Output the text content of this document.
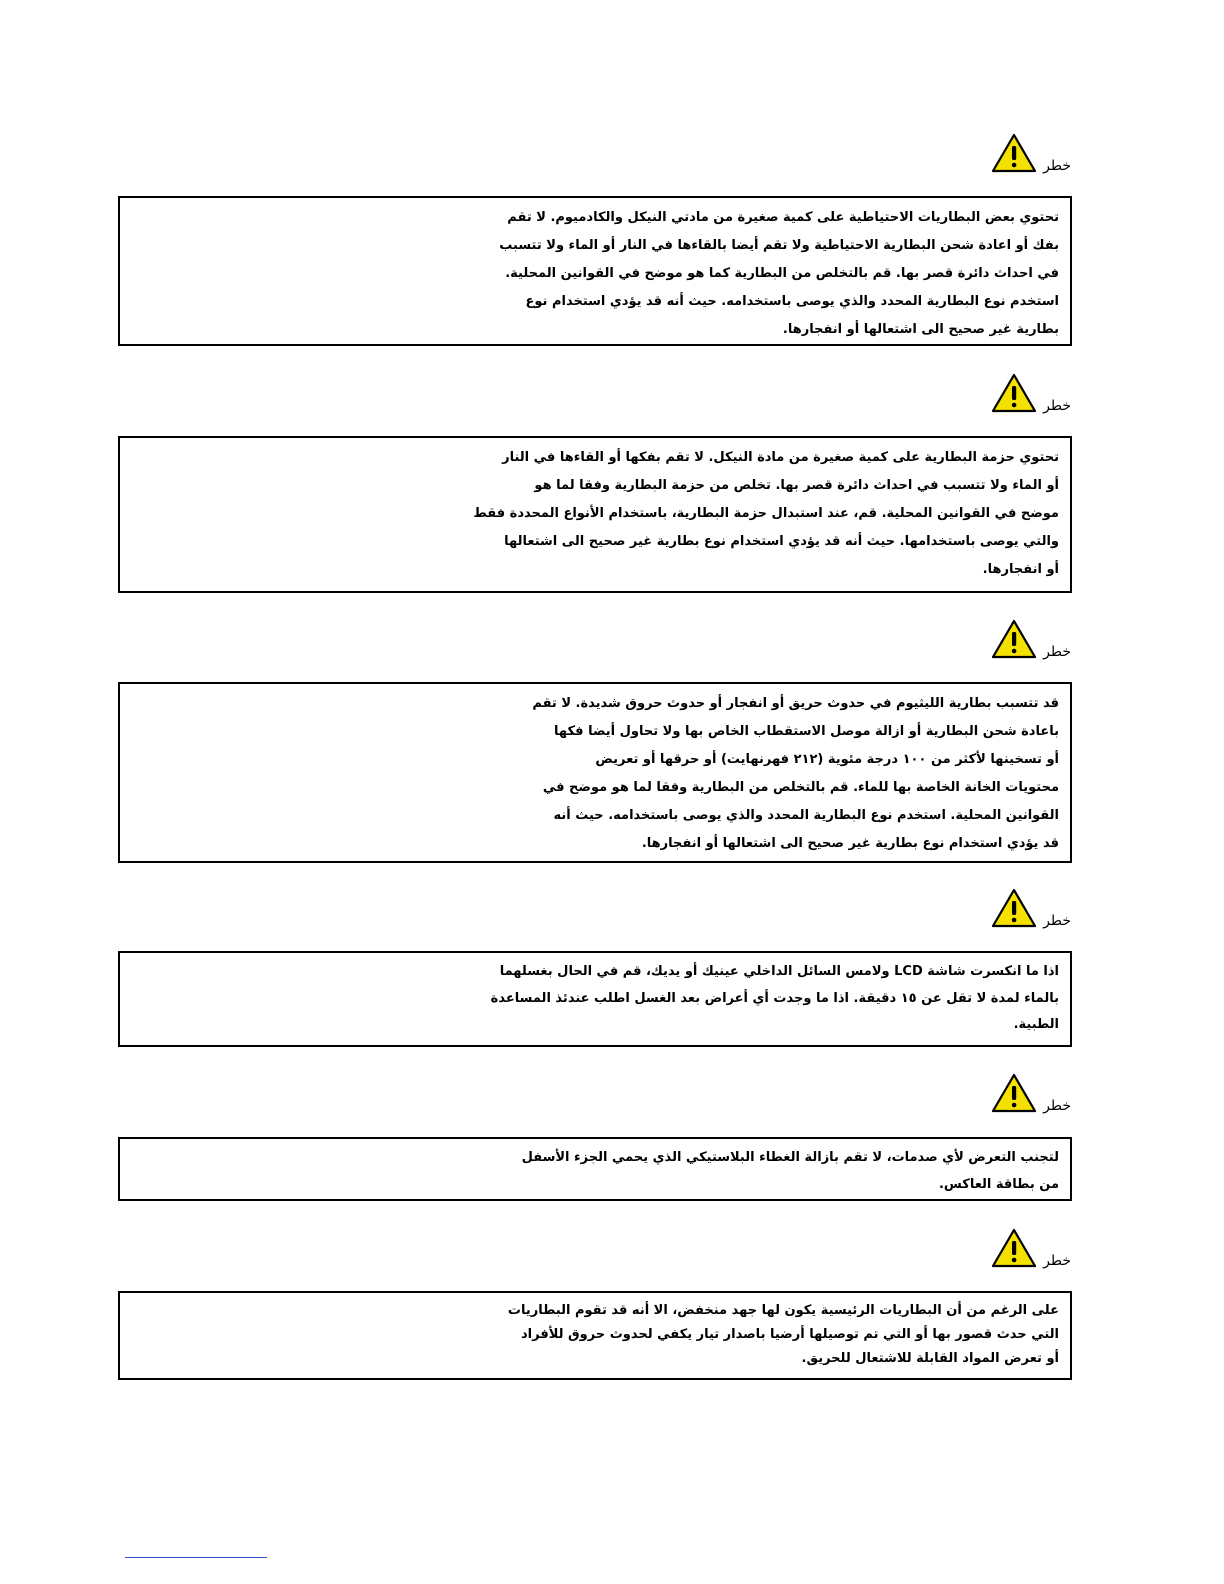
خطر

تحتوي بعض البطاريات الاحتياطية على كمية صغيرة من مادتي النيكل والكادميوم. لا تقم

بفك أو اعادة شحن البطارية الاحتياطية ولا تقم أيضا بالقاءها في النار أو الماء ولا تتسبب

في احداث دائرة قصر بها. قم بالتخلص من البطارية كما هو موضح في القوانين المحلية.

استخدم نوع البطارية المحدد والذي يوصى باستخدامه. حيث أنه قد يؤدي استخدام نوع

بطارية غير صحيح الى اشتعالها أو انفجارها.

خطر

تحتوي حزمة البطارية على كمية صغيرة من مادة النيكل. لا تقم بفكها أو القاءها في النار

أو الماء ولا تتسبب في احداث دائرة قصر بها. تخلص من حزمة البطارية وفقا لما هو

موضح في القوانين المحلية. قم، عند استبدال حزمة البطارية، باستخدام الأنواع المحددة فقط

والتي يوصى باستخدامها. حيث أنه قد يؤدي استخدام نوع بطارية غير صحيح الى اشتعالها

أو انفجارها.

خطر

قد تتسبب بطارية الليثيوم في حدوث حريق أو انفجار أو حدوث حروق شديدة. لا تقم

باعادة شحن البطارية أو ازالة موصل الاستقطاب الخاص بها ولا تحاول أيضا فكها

أو تسخينها لأكثر من ١٠٠ درجة مئوية (٢١٢ فهرنهايت) أو حرقها أو تعريض

محتويات الخانة الخاصة بها للماء. قم بالتخلص من البطارية وفقا لما هو موضح في

القوانين المحلية. استخدم نوع البطارية المحدد والذي يوصى باستخدامه. حيث أنه

قد يؤدي استخدام نوع بطارية غير صحيح الى اشتعالها أو انفجارها.

خطر

اذا ما انكسرت شاشة LCD ولامس السائل الداخلي عينيك أو يديك، قم في الحال بغسلهما

بالماء لمدة لا تقل عن ١٥ دقيقة. اذا ما وجدت أي أعراض بعد الغسل اطلب عندئذ المساعدة

الطبية.

خطر

لتجنب التعرض لأي صدمات، لا تقم بازالة الغطاء البلاستيكي الذي يحمي الجزء الأسفل

من بطاقة العاكس.

خطر

على الرغم من أن البطاريات الرئيسية يكون لها جهد منخفض، الا أنه قد تقوم البطاريات

التي حدث قصور بها أو التي تم توصيلها أرضيا باصدار تيار يكفي لحدوث حروق للأفراد

أو تعرض المواد القابلة للاشتعال للحريق.
